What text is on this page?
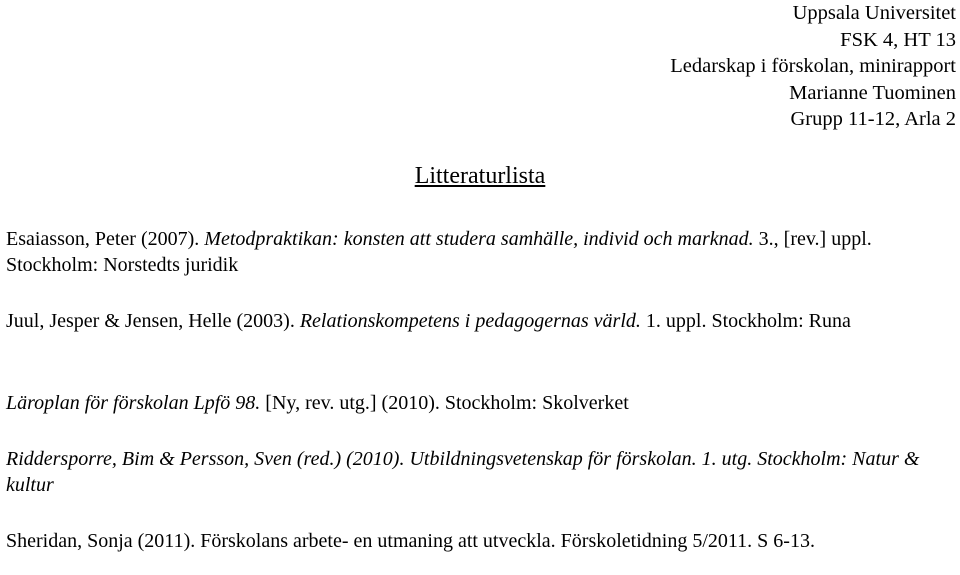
Uppsala Universitet
FSK 4, HT 13
Ledarskap i förskolan, minirapport
Marianne Tuominen
Grupp 11-12, Arla 2
Litteraturlista
Esaiasson, Peter (2007). Metodpraktikan: konsten att studera samhälle, individ och marknad. 3., [rev.] uppl. Stockholm: Norstedts juridik
Juul, Jesper & Jensen, Helle (2003). Relationskompetens i pedagogernas värld. 1. uppl. Stockholm: Runa
Läroplan för förskolan Lpfö 98. [Ny, rev. utg.] (2010). Stockholm: Skolverket
Riddersporre, Bim & Persson, Sven (red.) (2010). Utbildningsvetenskap för förskolan. 1. utg. Stockholm: Natur & kultur
Sheridan, Sonja (2011). Förskolans arbete- en utmaning att utveckla. Förskoletidning 5/2011. S 6-13.
